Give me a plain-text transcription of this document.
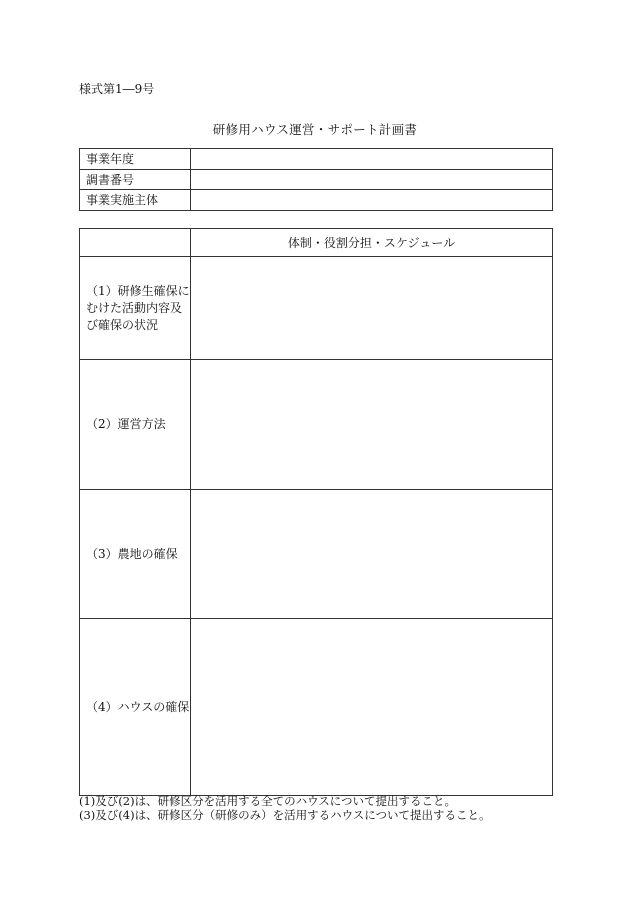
様式第1―9号
研修用ハウス運営・サポート計画書
事業年度	
調書番号	
事業実施主体	
	体制・役割分担・スケジュール
（1）研修生確保にむけた活動内容及び確保の状況	
（2）運営方法	
（3）農地の確保	
（4）ハウスの確保	
(1)及び(2)は、研修区分を活用する全てのハウスについて提出すること。
(3)及び(4)は、研修区分（研修のみ）を活用するハウスについて提出すること。
